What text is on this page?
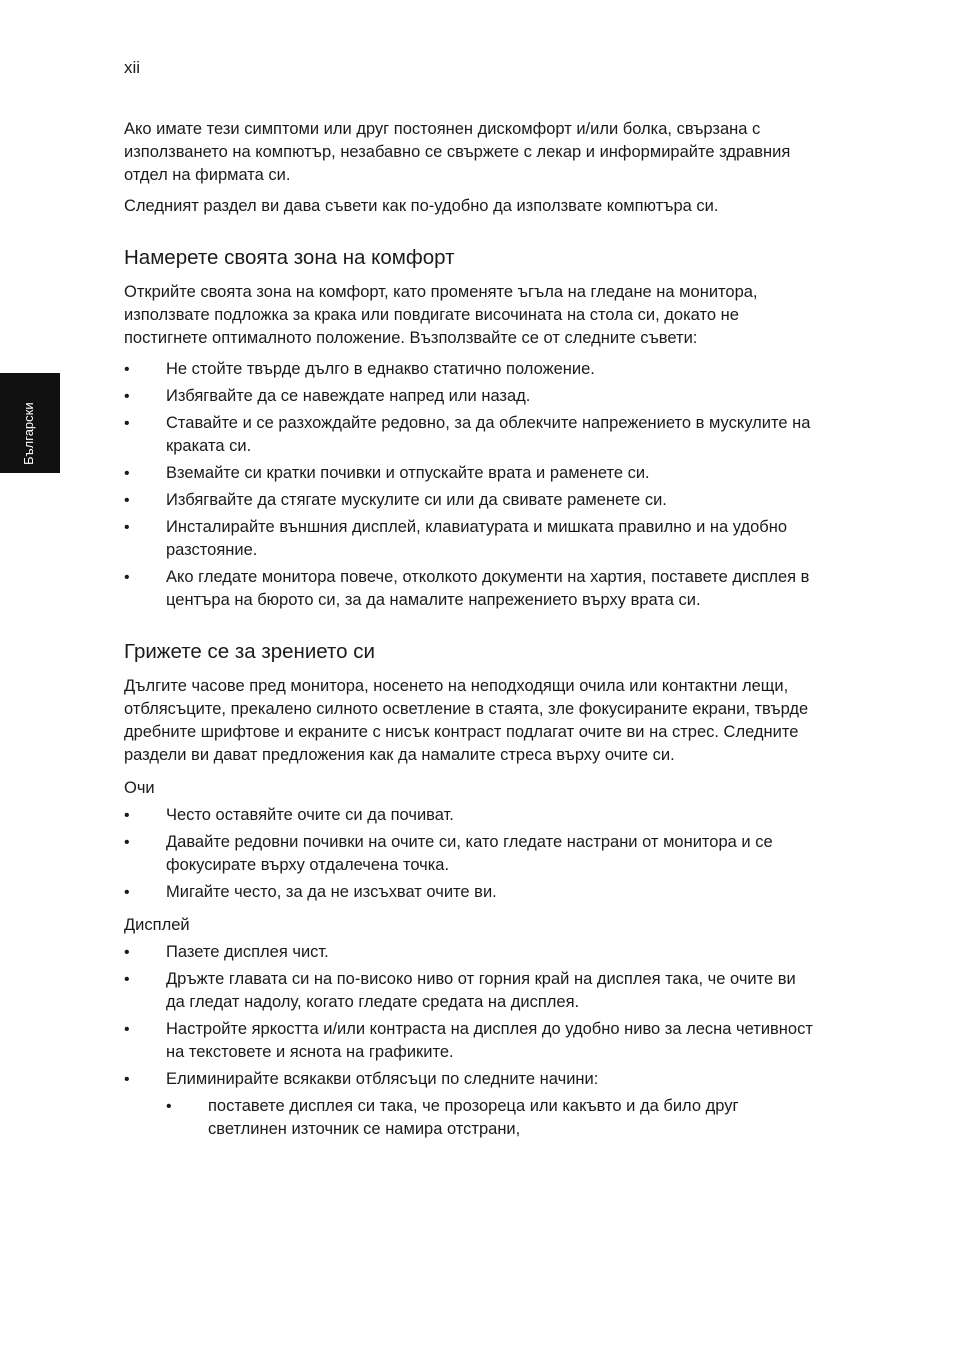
xii
Български

Ако имате тези симптоми или друг постоянен дискомфорт и/или болка, свързана с използването на компютър, незабавно се свържете с лекар и информирайте здравния отдел на фирмата си.

Следният раздел ви дава съвети как по-удобно да използвате компютъра си.

Намерете своята зона на комфорт

Открийте своята зона на комфорт, като променяте ъгъла на гледане на монитора, използвате подложка за крака или повдигате височината на стола си, докато не постигнете оптималното положение. Възползвайте се от следните съвети:

• Не стойте твърде дълго в еднакво статично положение.
• Избягвайте да се навеждате напред или назад.
• Ставайте и се разхождайте редовно, за да облекчите напрежението в мускулите на краката си.
• Вземайте си кратки почивки и отпускайте врата и раменете си.
• Избягвайте да стягате мускулите си или да свивате раменете си.
• Инсталирайте външния дисплей, клавиатурата и мишката правилно и на удобно разстояние.
• Ако гледате монитора повече, отколкото документи на хартия, поставете дисплея в центъра на бюрото си, за да намалите напрежението върху врата си.
Грижете се за зрението си

Дългите часове пред монитора, носенето на неподходящи очила или контактни лещи, отблясъците, прекалено силното осветление в стаята, зле фокусираните екрани, твърде дребните шрифтове и екраните с нисък контраст подлагат очите ви на стрес. Следните раздели ви дават предложения как да намалите стреса върху очите си.

Очи
• Често оставяйте очите си да почиват.
• Давайте редовни почивки на очите си, като гледате настрани от монитора и се фокусирате върху отдалечена точка.
• Мигайте често, за да не изсъхват очите ви.
Дисплей
• Пазете дисплея чист.
• Дръжте главата си на по-високо ниво от горния край на дисплея така, че очите ви да гледат надолу, когато гледате средата на дисплея.
• Настройте яркостта и/или контраста на дисплея до удобно ниво за лесна четивност на текстовете и яснота на графиките.
• Елиминирайте всякакви отблясъци по следните начини:
• поставете дисплея си така, че прозореца или какъвто и да било друг светлинен източник се намира отстрани,
